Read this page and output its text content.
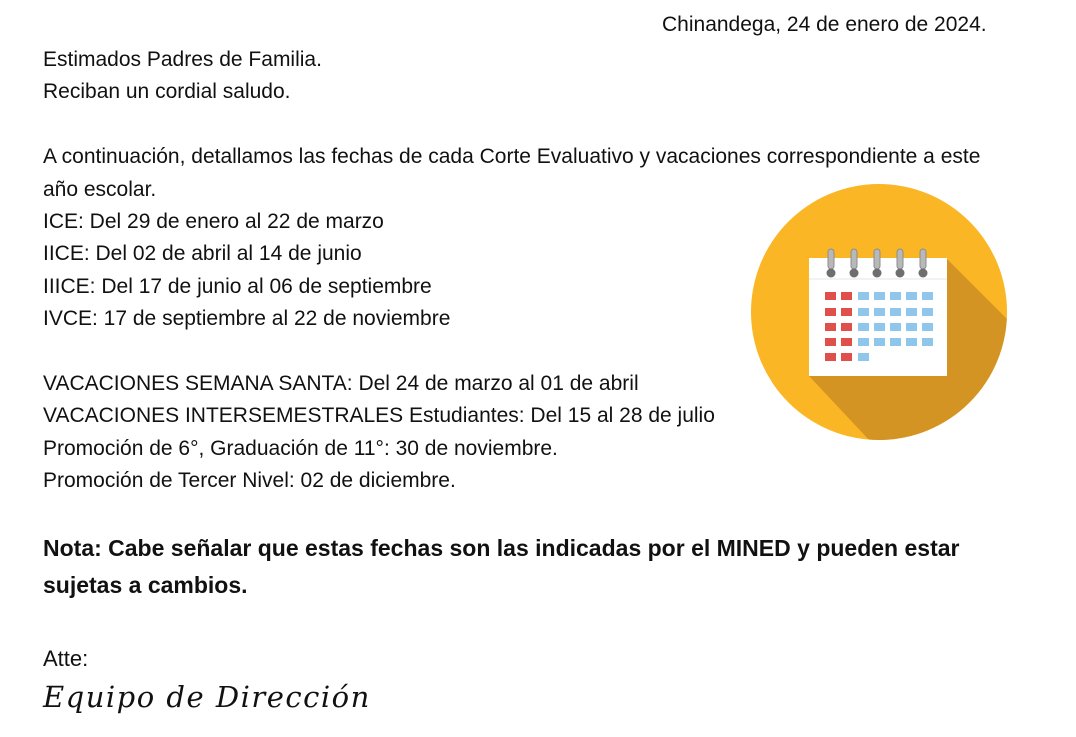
Chinandega, 24 de enero de 2024.
Estimados Padres de Familia.
Reciban un cordial saludo.
A continuación, detallamos las fechas de cada Corte Evaluativo y vacaciones correspondiente a este año escolar.
ICE: Del 29 de enero al 22 de marzo
IICE: Del 02 de abril al 14 de junio
IIICE: Del 17 de junio al 06 de septiembre
IVCE: 17 de septiembre al 22 de noviembre
VACACIONES SEMANA SANTA: Del 24 de marzo al 01 de abril
VACACIONES INTERSEMESTRALES Estudiantes: Del 15 al 28 de julio
Promoción de 6°, Graduación de 11°: 30 de noviembre.
Promoción de Tercer Nivel: 02 de diciembre.
Nota: Cabe señalar que estas fechas son las indicadas por el MINED y pueden estar sujetas a cambios.
Atte:
Equipo de Dirección
